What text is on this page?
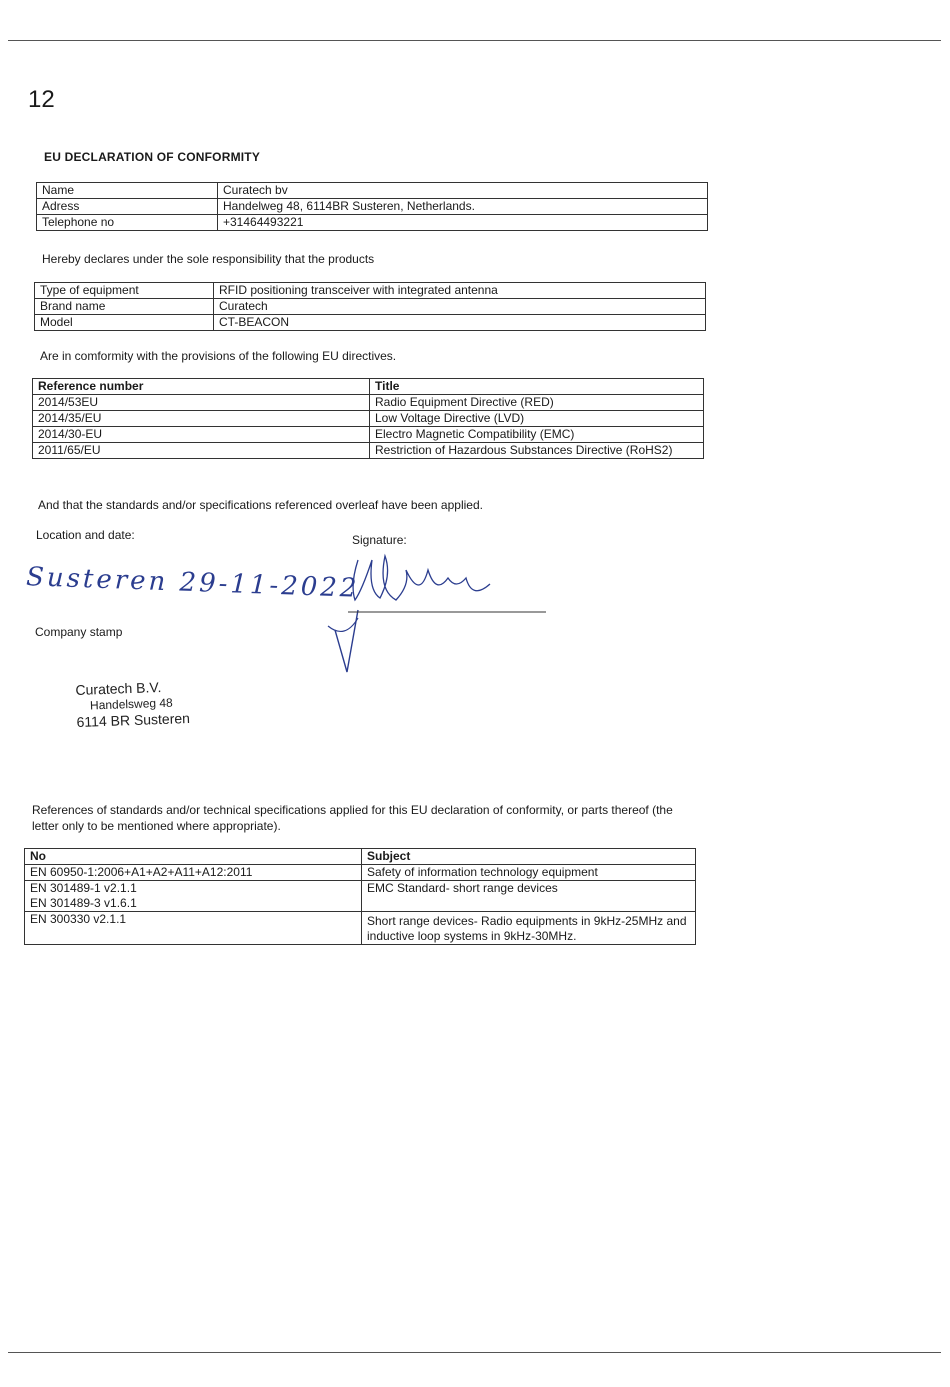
12
EU DECLARATION OF CONFORMITY
Name	Curatech bv
Adress	Handelweg 48, 6114BR Susteren, Netherlands.
Telephone no	+31464493221
Hereby declares under the sole responsibility that the products
Type of equipment	RFID positioning transceiver with integrated antenna
Brand name	Curatech
Model	CT-BEACON
Are in comformity with the provisions of the following EU directives.
Reference number	Title
2014/53EU	Radio Equipment Directive (RED)
2014/35/EU	Low Voltage Directive (LVD)
2014/30-EU	Electro Magnetic Compatibility (EMC)
2011/65/EU	Restriction of Hazardous Substances Directive (RoHS2)
And that the standards and/or specifications referenced overleaf have been applied.
Location and date:	Signature:
Susteren 29-11-2022
Company stamp
Curatech B.V.
Handelsweg 48
6114 BR Susteren
References of standards and/or technical specifications applied for this EU declaration of conformity, or parts thereof (the letter only to be mentioned where appropriate).
No	Subject
EN 60950-1:2006+A1+A2+A11+A12:2011	Safety of information technology equipment

EN 301489-1 v2.1.1
EN 301489-3 v1.6.1	EMC Standard- short range devices
EN 300330 v2.1.1	Short range devices- Radio equipments in 9kHz-25MHz and inductive loop systems in 9kHz-30MHz.
